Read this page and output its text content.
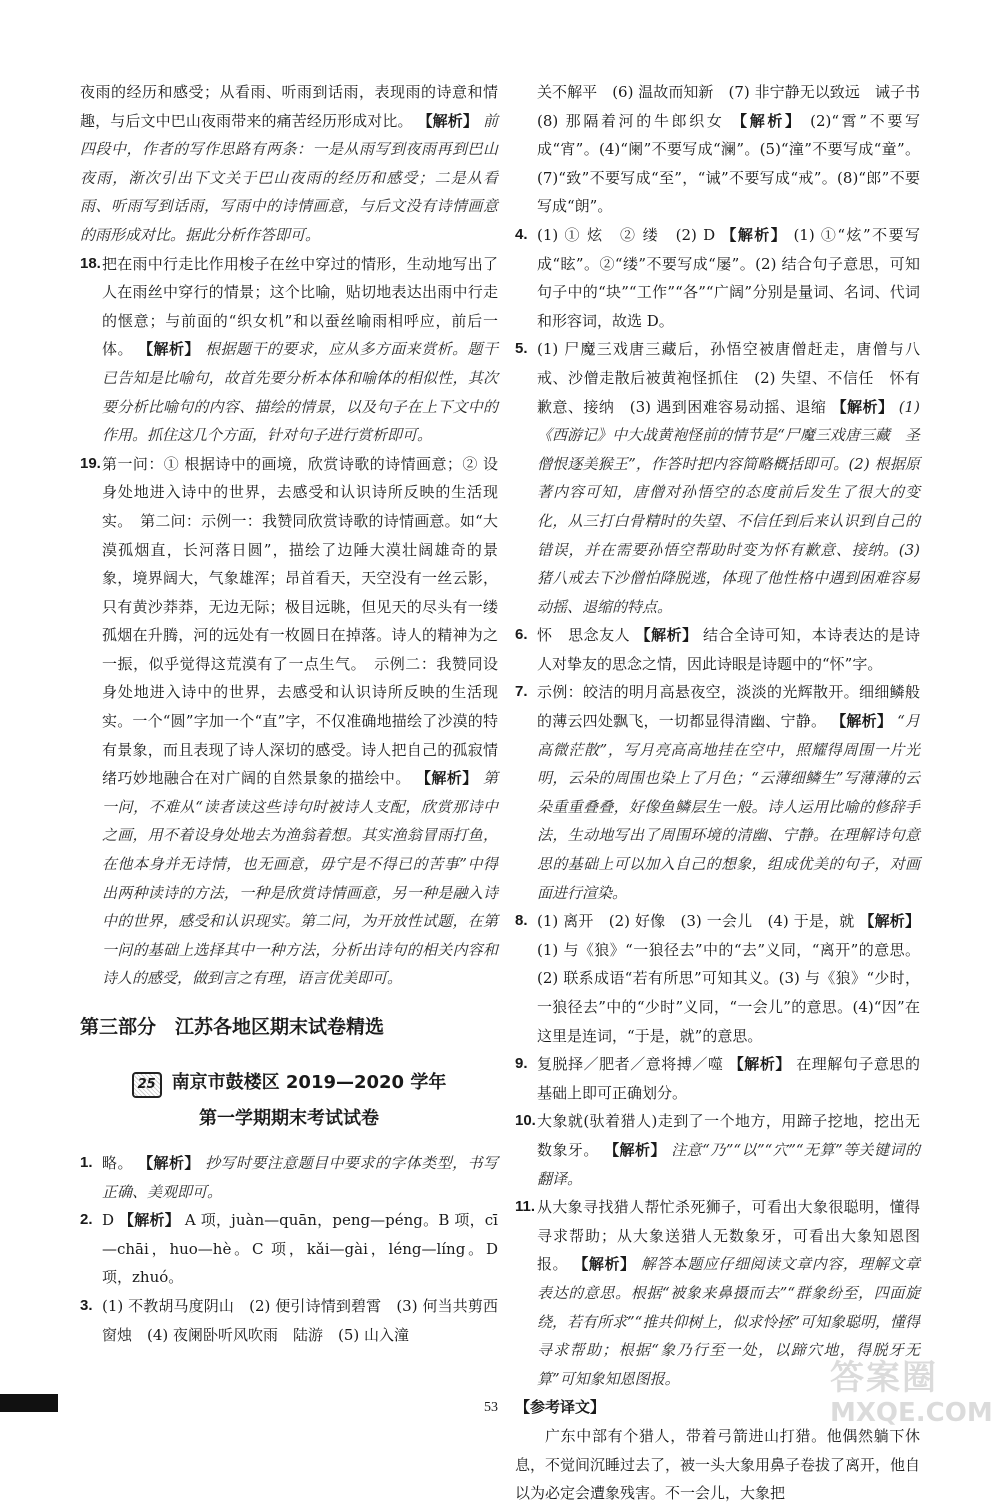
夜雨的经历和感受；从看雨、听雨到话雨，表现雨的诗意和情趣，与后文中巴山夜雨带来的痛苦经历形成对比。 【解析】 前四段中，作者的写作思路有两条：一是从雨写到夜雨再到巴山夜雨，渐次引出下文关于巴山夜雨的经历和感受；二是从看雨、听雨写到话雨，写雨中的诗情画意，与后文没有诗情画意的雨形成对比。据此分析作答即可。

18. 把在雨中行走比作用梭子在丝中穿过的情形，生动地写出了人在雨丝中穿行的情景；这个比喻，贴切地表达出雨中行走的惬意；与前面的“织女机”和以蚕丝喻雨相呼应，前后一体。 【解析】 根据题干的要求，应从多方面来赏析。题干已告知是比喻句，故首先要分析本体和喻体的相似性，其次要分析比喻句的内容、描绘的情景，以及句子在上下文中的作用。抓住这几个方面，针对句子进行赏析即可。

19. 第一问：① 根据诗中的画境，欣赏诗歌的诗情画意；② 设身处地进入诗中的世界，去感受和认识诗所反映的生活现实。　第二问：示例一：我赞同欣赏诗歌的诗情画意。如“大漠孤烟直，长河落日圆”，描绘了边陲大漠壮阔雄奇的景象，境界阔大，气象雄浑；昂首看天，天空没有一丝云影，只有黄沙莽莽，无边无际；极目远眺，但见天的尽头有一缕孤烟在升腾，河的远处有一枚圆日在掉落。诗人的精神为之一振，似乎觉得这荒漠有了一点生气。　示例二：我赞同设身处地进入诗中的世界，去感受和认识诗所反映的生活现实。一个“圆”字加一个“直”字，不仅准确地描绘了沙漠的特有景象，而且表现了诗人深切的感受。诗人把自己的孤寂情绪巧妙地融合在对广阔的自然景象的描绘中。 【解析】 第一问，不难从“读者读这些诗句时被诗人支配，欣赏那诗中之画，用不着设身处地去为渔翁着想。其实渔翁冒雨打鱼，在他本身并无诗情，也无画意，毋宁是不得已的苦事”中得出两种读诗的方法，一种是欣赏诗情画意，另一种是融入诗中的世界，感受和认识现实。第二问，为开放性试题，在第一问的基础上选择其中一种方法，分析出诗句的相关内容和诗人的感受，做到言之有理，语言优美即可。

第三部分　江苏各地区期末试卷精选
25 南京市鼓楼区 2019—2020 学年
第一学期期末考试试卷

1. 略。 【解析】 抄写时要注意题目中要求的字体类型，书写正确、美观即可。

2. D 【解析】 A 项，juàn—quān，peng—péng。B 项，cī—chāi，huo—hè。C 项，kǎi—gài，léng—líng。D 项，zhuó。

3. (1) 不教胡马度阴山　(2) 便引诗情到碧霄　(3) 何当共剪西窗烛　(4) 夜阑卧听风吹雨　陆游　(5) 山入潼

关不解平　(6) 温故而知新　(7) 非宁静无以致远　诫子书　(8) 那隔着河的牛郎织女 【解析】 (2)“霄”不要写成“宵”。(4)“阑”不要写成“澜”。(5)“潼”不要写成“童”。(7)“致”不要写成“至”，“诫”不要写成“戒”。(8)“郎”不要写成“朗”。

4. (1) ① 炫　② 缕　(2) D 【解析】 (1) ①“炫”不要写成“眩”。②“缕”不要写成“屡”。(2) 结合句子意思，可知句子中的“块”“工作”“各”“广阔”分别是量词、名词、代词和形容词，故选 D。

5. (1) 尸魔三戏唐三藏后，孙悟空被唐僧赶走，唐僧与八戒、沙僧走散后被黄袍怪抓住　(2) 失望、不信任　怀有歉意、接纳　(3) 遇到困难容易动摇、退缩 【解析】 (1)《西游记》中大战黄袍怪前的情节是“尸魔三戏唐三藏　圣僧恨逐美猴王”，作答时把内容简略概括即可。(2) 根据原著内容可知，唐僧对孙悟空的态度前后发生了很大的变化，从三打白骨精时的失望、不信任到后来认识到自己的错误，并在需要孙悟空帮助时变为怀有歉意、接纳。(3) 猪八戒去下沙僧怕降脱逃，体现了他性格中遇到困难容易动摇、退缩的特点。

6. 怀　思念友人 【解析】 结合全诗可知，本诗表达的是诗人对挚友的思念之情，因此诗眼是诗题中的“怀”字。

7. 示例：皎洁的明月高悬夜空，淡淡的光辉散开。细细鳞般的薄云四处飘飞，一切都显得清幽、宁静。 【解析】 “月高微茫散”，写月亮高高地挂在空中，照耀得周围一片光明，云朵的周围也染上了月色；“云薄细鳞生”写薄薄的云朵重重叠叠，好像鱼鳞层生一般。诗人运用比喻的修辞手法，生动地写出了周围环境的清幽、宁静。在理解诗句意思的基础上可以加入自己的想象，组成优美的句子，对画面进行渲染。

8. (1) 离开　(2) 好像　(3) 一会儿　(4) 于是，就 【解析】 (1) 与《狼》“一狼径去”中的“去”义同，“离开”的意思。(2) 联系成语“若有所思”可知其义。(3) 与《狼》“少时，一狼径去”中的“少时”义同，“一会儿”的意思。(4)“因”在这里是连词，“于是，就”的意思。

9. 复脱择／肥者／意将搏／噬 【解析】 在理解句子意思的基础上即可正确划分。

10. 大象就(驮着猎人)走到了一个地方，用蹄子挖地，挖出无数象牙。 【解析】 注意“乃”“以”“穴”“无算”等关键词的翻译。

11. 从大象寻找猎人帮忙杀死狮子，可看出大象很聪明，懂得寻求帮助；从大象送猎人无数象牙，可看出大象知恩图报。 【解析】 解答本题应仔细阅读文章内容，理解文章表达的意思。根据“被象来鼻摄而去”“群象纷至，四面旋绕，若有所求”“推共仰树上，似求怜拯”可知象聪明，懂得寻求帮助；根据“象乃行至一处，以蹄穴地，得脱牙无算”可知象知恩图报。

【参考译文】
广东中部有个猎人，带着弓箭进山打猎。他偶然躺下休息，不觉间沉睡过去了，被一头大象用鼻子卷拔了离开，他自以为必定会遭象残害。不一会儿，大象把

53
答案圈
MXQE.COM
